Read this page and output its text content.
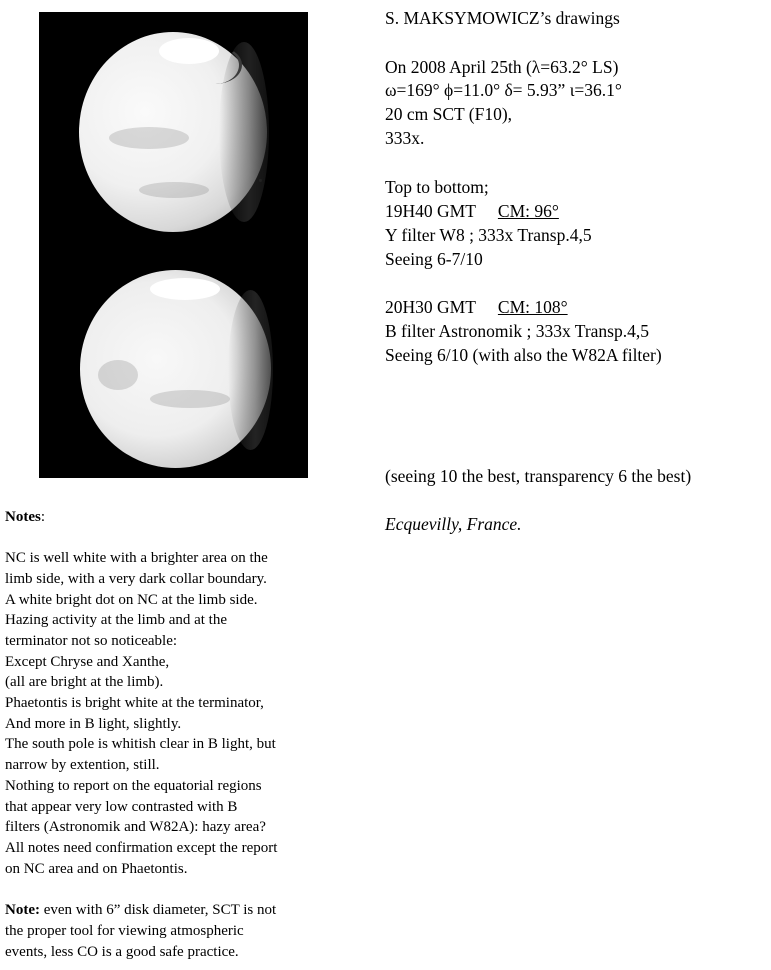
S. MAKSYMOWICZ’s drawings

On 2008 April 25th (λ=63.2° LS)

ω=169° ϕ=11.0° δ= 5.93” ι=36.1°

20 cm SCT (F10),

333x.

Top to bottom;

19H40 GMT CM: 96°

Y filter W8 ; 333x Transp.4,5

Seeing 6-7/10

20H30 GMT CM: 108°

B filter Astronomik ; 333x Transp.4,5

Seeing 6/10 (with also the W82A filter)

(seeing 10 the best, transparency 6 the best)

Ecquevilly, France.

Notes:

NC is well white with a brighter area on the

limb side, with a very dark collar boundary.

A white bright dot on NC at the limb side.

Hazing activity at the limb and at the

terminator not so noticeable:

Except Chryse and Xanthe,

(all are bright at the limb).

Phaetontis is bright white at the terminator,

And more in B light, slightly.

The south pole is whitish clear in B light, but

narrow by extention, still.

Nothing to report on the equatorial regions

that appear very low contrasted with B

filters (Astronomik and W82A): hazy area?

All notes need confirmation except the report

on NC area and on Phaetontis.

Note: even with 6” disk diameter, SCT is not

the proper tool for viewing atmospheric

events, less CO is a good safe practice.
